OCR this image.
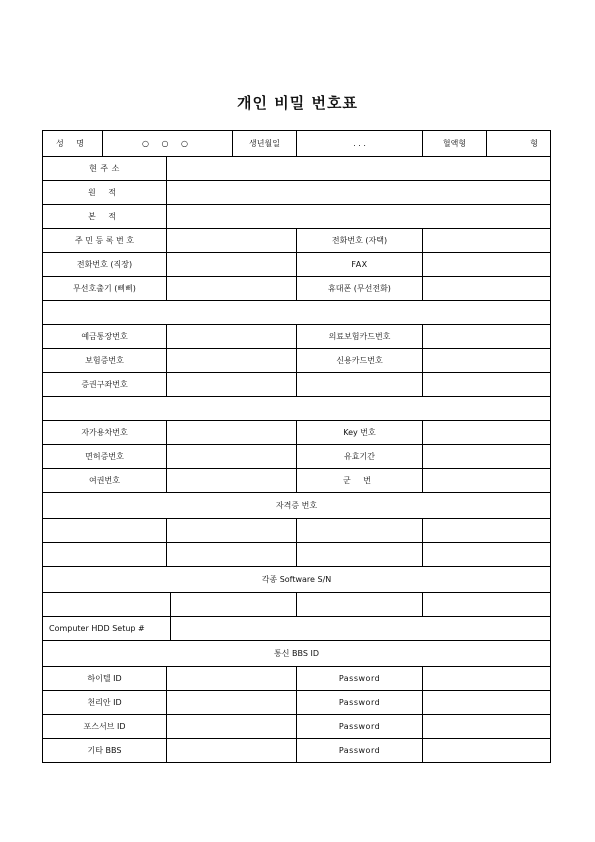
개인 비밀 번호표
성 명	○ ○ ○			생년월일	. . .	혈액형	형
현 주 소							
원 적							
본 적							
주 민 등 록 번 호					전화번호 (자택)		
전화번호 (직장)					FAX		
무선호출기 (삐삐)					휴대폰 (무선전화)		

예금통장번호					의료보험카드번호		
보험증번호					신용카드번호		
증권구좌번호							

자가용차번호					Key 번호		
면허증번호					유효기간		
여권번호					군 번		
자격증 번호							

각종 Software S/N							

Computer HDD Setup #							
통신 BBS ID							
하이텔 ID					Password		
천리안 ID					Password		
포스서브 ID					Password		
기타 BBS					Password		
